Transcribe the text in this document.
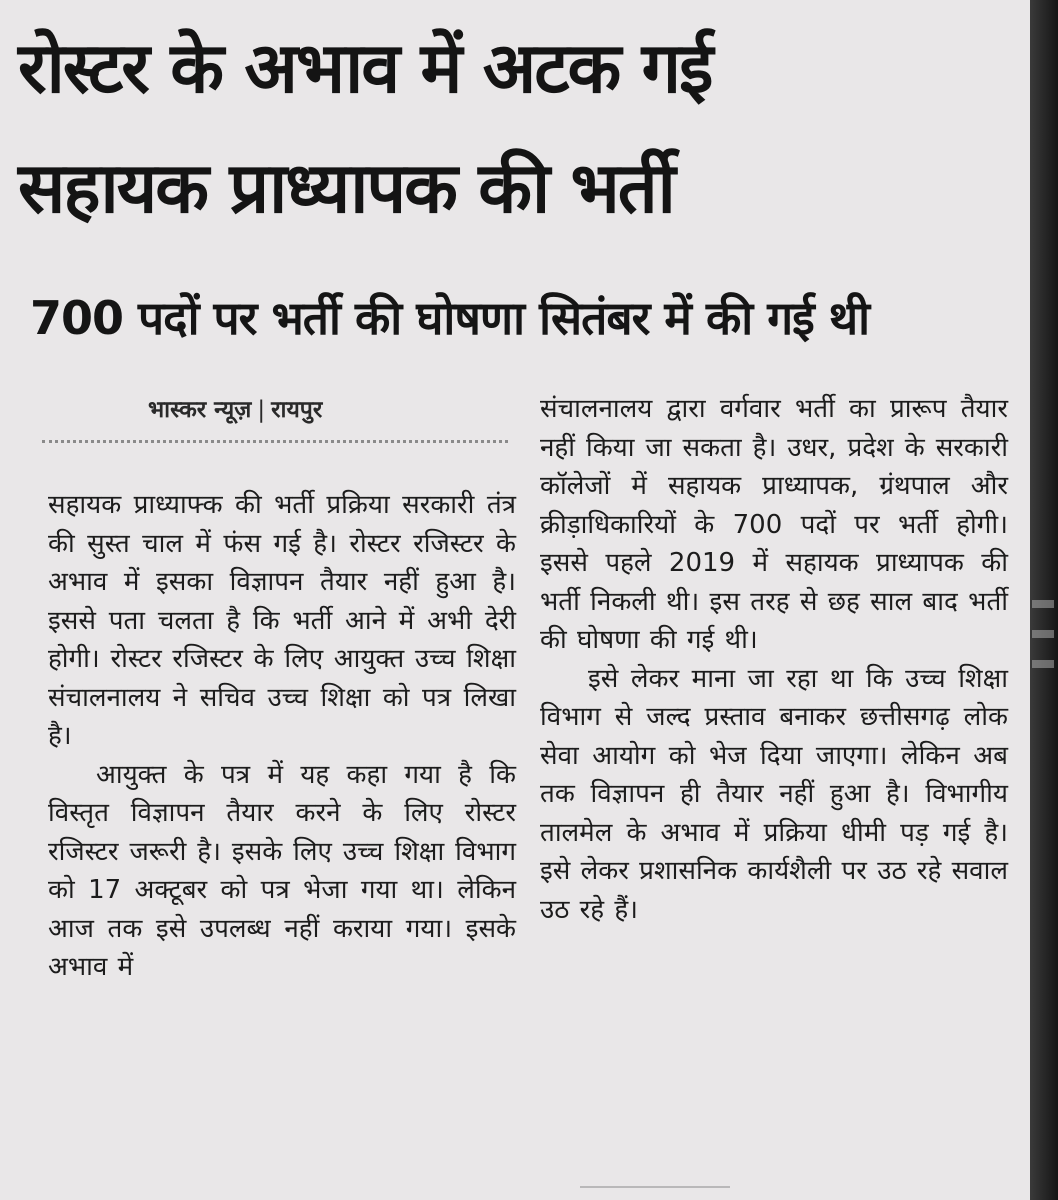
रोस्टर के अभाव में अटक गई
सहायक प्राध्यापक की भर्ती
700 पदों पर भर्ती की घोषणा सितंबर में की गई थी
भास्कर न्यूज़ | रायपुर

सहायक प्राध्याफ्क की भर्ती प्रक्रिया सरकारी तंत्र की सुस्त चाल में फंस गई है। रोस्टर रजिस्टर के अभाव में इसका विज्ञापन तैयार नहीं हुआ है। इससे पता चलता है कि भर्ती आने में अभी देरी होगी। रोस्टर रजिस्टर के लिए आयुक्त उच्च शिक्षा संचालनालय ने सचिव उच्च शिक्षा को पत्र लिखा है।

आयुक्त के पत्र में यह कहा गया है कि विस्तृत विज्ञापन तैयार करने के लिए रोस्टर रजिस्टर जरूरी है। इसके लिए उच्च शिक्षा विभाग को 17 अक्टूबर को पत्र भेजा गया था। लेकिन आज तक इसे उपलब्ध नहीं कराया गया। इसके अभाव में

संचालनालय द्वारा वर्गवार भर्ती का प्रारूप तैयार नहीं किया जा सकता है। उधर, प्रदेश के सरकारी कॉलेजों में सहायक प्राध्यापक, ग्रंथपाल और क्रीड़ाधिकारियों के 700 पदों पर भर्ती होगी। इससे पहले 2019 में सहायक प्राध्यापक की भर्ती निकली थी। इस तरह से छह साल बाद भर्ती की घोषणा की गई थी।

इसे लेकर माना जा रहा था कि उच्च शिक्षा विभाग से जल्द प्रस्ताव बनाकर छत्तीसगढ़ लोक सेवा आयोग को भेज दिया जाएगा। लेकिन अब तक विज्ञापन ही तैयार नहीं हुआ है। विभागीय तालमेल के अभाव में प्रक्रिया धीमी पड़ गई है। इसे लेकर प्रशासनिक कार्यशैली पर उठ रहे सवाल उठ रहे हैं।
